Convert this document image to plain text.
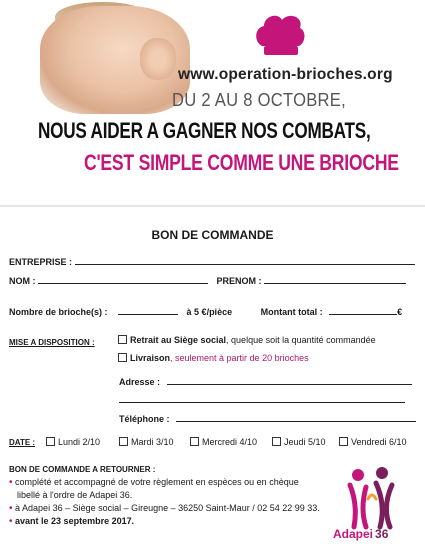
www.operation-brioches.org
DU 2 AU 8 OCTOBRE,
NOUS AIDER A GAGNER NOS COMBATS,
C'EST SIMPLE COMME UNE BRIOCHE
BON DE COMMANDE
ENTREPRISE :
NOM :	PRENOM :
Nombre de brioche(s) :	à 5 €/pièce	Montant total :	€
MISE A DISPOSITION :	Retrait au Siège social, quelque soit la quantité commandée
Livraison, seulement à partir de 20 brioches
Adresse :
Téléphone :
DATE :	Lundi 2/10	Mardi 3/10	Mercredi 4/10	Jeudi 5/10	Vendredi 6/10
BON DE COMMANDE A RETOURNER :
• complété et accompagné de votre règlement en espèces ou en chèque
libellé à l'ordre de Adapei 36.
• à Adapei 36 – Siège social – Gireugne – 36250 Saint-Maur / 02 54 22 99 33.
• avant le 23 septembre 2017.
Adapei 36
